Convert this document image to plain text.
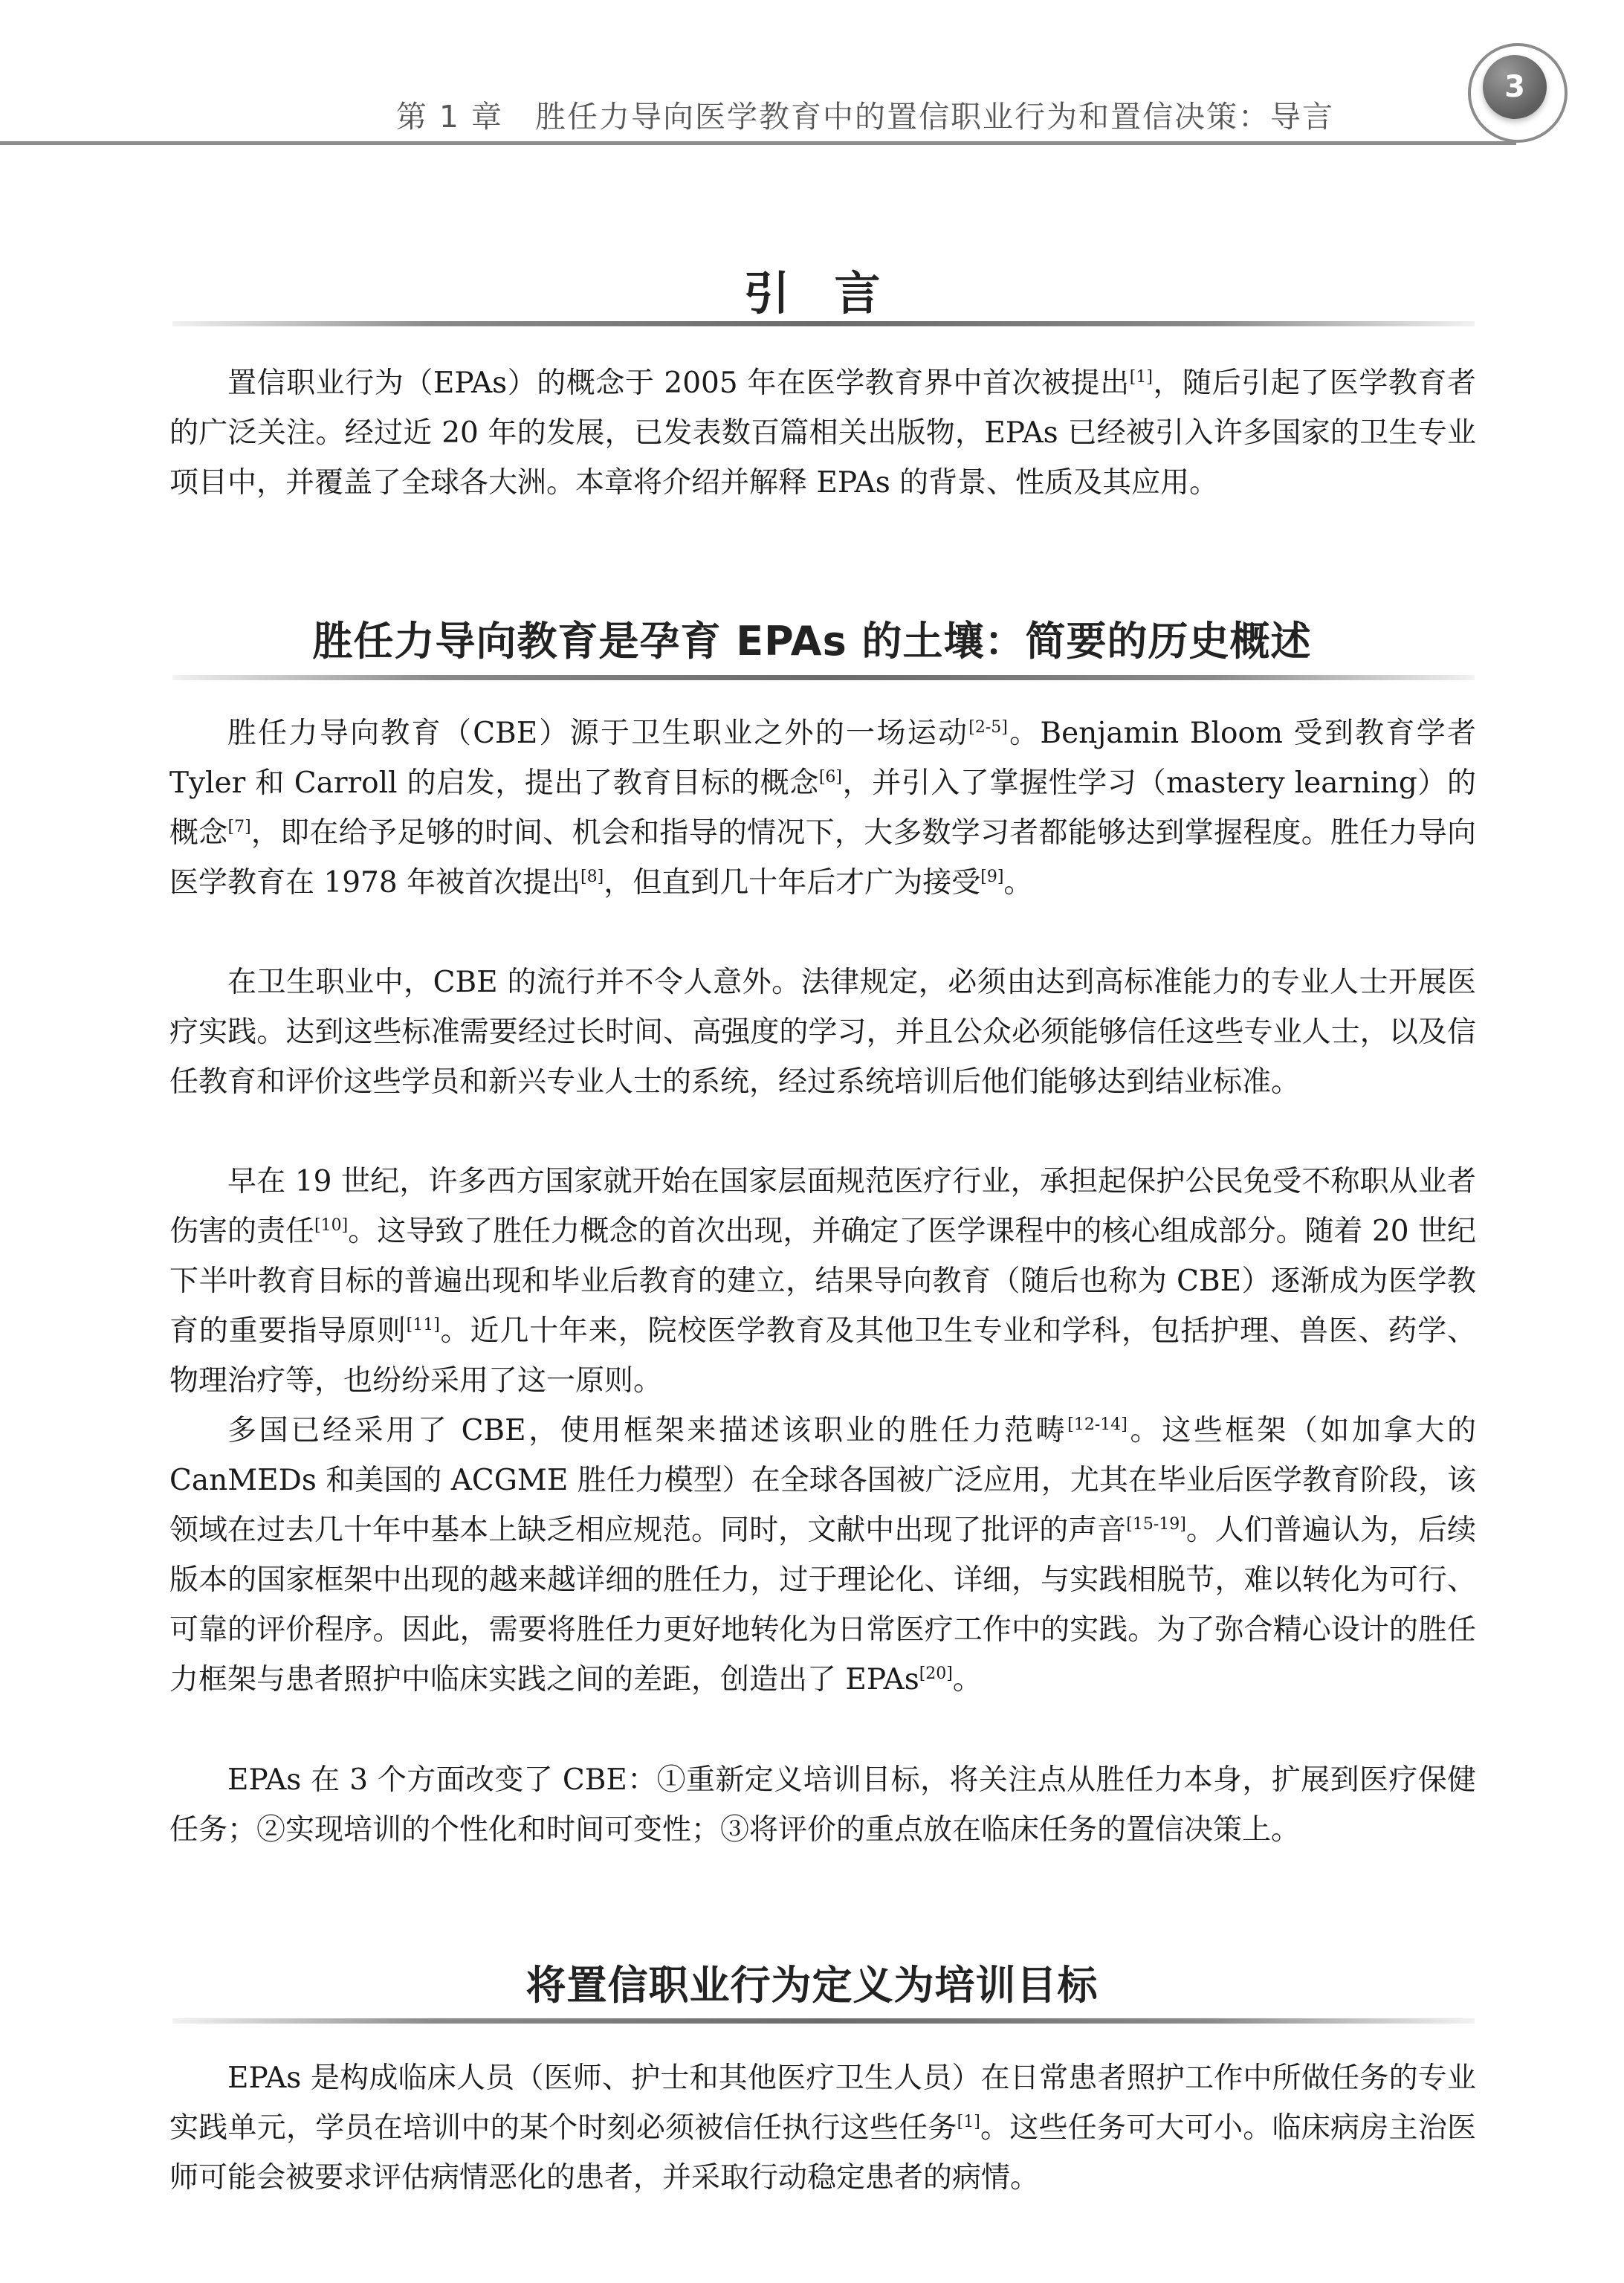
第 1 章　胜任力导向医学教育中的置信职业行为和置信决策：导言
3
引言

置信职业行为（EPAs）的概念于 2005 年在医学教育界中首次被提出[1]，随后引起了医学教育者的广泛关注。经过近 20 年的发展，已发表数百篇相关出版物，EPAs 已经被引入许多国家的卫生专业项目中，并覆盖了全球各大洲。本章将介绍并解释 EPAs 的背景、性质及其应用。

胜任力导向教育是孕育 EPAs 的土壤：简要的历史概述

胜任力导向教育（CBE）源于卫生职业之外的一场运动[2-5]。Benjamin Bloom 受到教育学者 Tyler 和 Carroll 的启发，提出了教育目标的概念[6]，并引入了掌握性学习（mastery learning）的概念[7]，即在给予足够的时间、机会和指导的情况下，大多数学习者都能够达到掌握程度。胜任力导向医学教育在 1978 年被首次提出[8]，但直到几十年后才广为接受[9]。

在卫生职业中，CBE 的流行并不令人意外。法律规定，必须由达到高标准能力的专业人士开展医疗实践。达到这些标准需要经过长时间、高强度的学习，并且公众必须能够信任这些专业人士，以及信任教育和评价这些学员和新兴专业人士的系统，经过系统培训后他们能够达到结业标准。

早在 19 世纪，许多西方国家就开始在国家层面规范医疗行业，承担起保护公民免受不称职从业者伤害的责任[10]。这导致了胜任力概念的首次出现，并确定了医学课程中的核心组成部分。随着 20 世纪下半叶教育目标的普遍出现和毕业后教育的建立，结果导向教育（随后也称为 CBE）逐渐成为医学教育的重要指导原则[11]。近几十年来，院校医学教育及其他卫生专业和学科，包括护理、兽医、药学、物理治疗等，也纷纷采用了这一原则。

多国已经采用了 CBE，使用框架来描述该职业的胜任力范畴[12-14]。这些框架（如加拿大的 CanMEDs 和美国的 ACGME 胜任力模型）在全球各国被广泛应用，尤其在毕业后医学教育阶段，该领域在过去几十年中基本上缺乏相应规范。同时，文献中出现了批评的声音[15-19]。人们普遍认为，后续版本的国家框架中出现的越来越详细的胜任力，过于理论化、详细，与实践相脱节，难以转化为可行、可靠的评价程序。因此，需要将胜任力更好地转化为日常医疗工作中的实践。为了弥合精心设计的胜任力框架与患者照护中临床实践之间的差距，创造出了 EPAs[20]。

EPAs 在 3 个方面改变了 CBE：①重新定义培训目标，将关注点从胜任力本身，扩展到医疗保健任务；②实现培训的个性化和时间可变性；③将评价的重点放在临床任务的置信决策上。

将置信职业行为定义为培训目标

EPAs 是构成临床人员（医师、护士和其他医疗卫生人员）在日常患者照护工作中所做任务的专业实践单元，学员在培训中的某个时刻必须被信任执行这些任务[1]。这些任务可大可小。临床病房主治医师可能会被要求评估病情恶化的患者，并采取行动稳定患者的病情。
